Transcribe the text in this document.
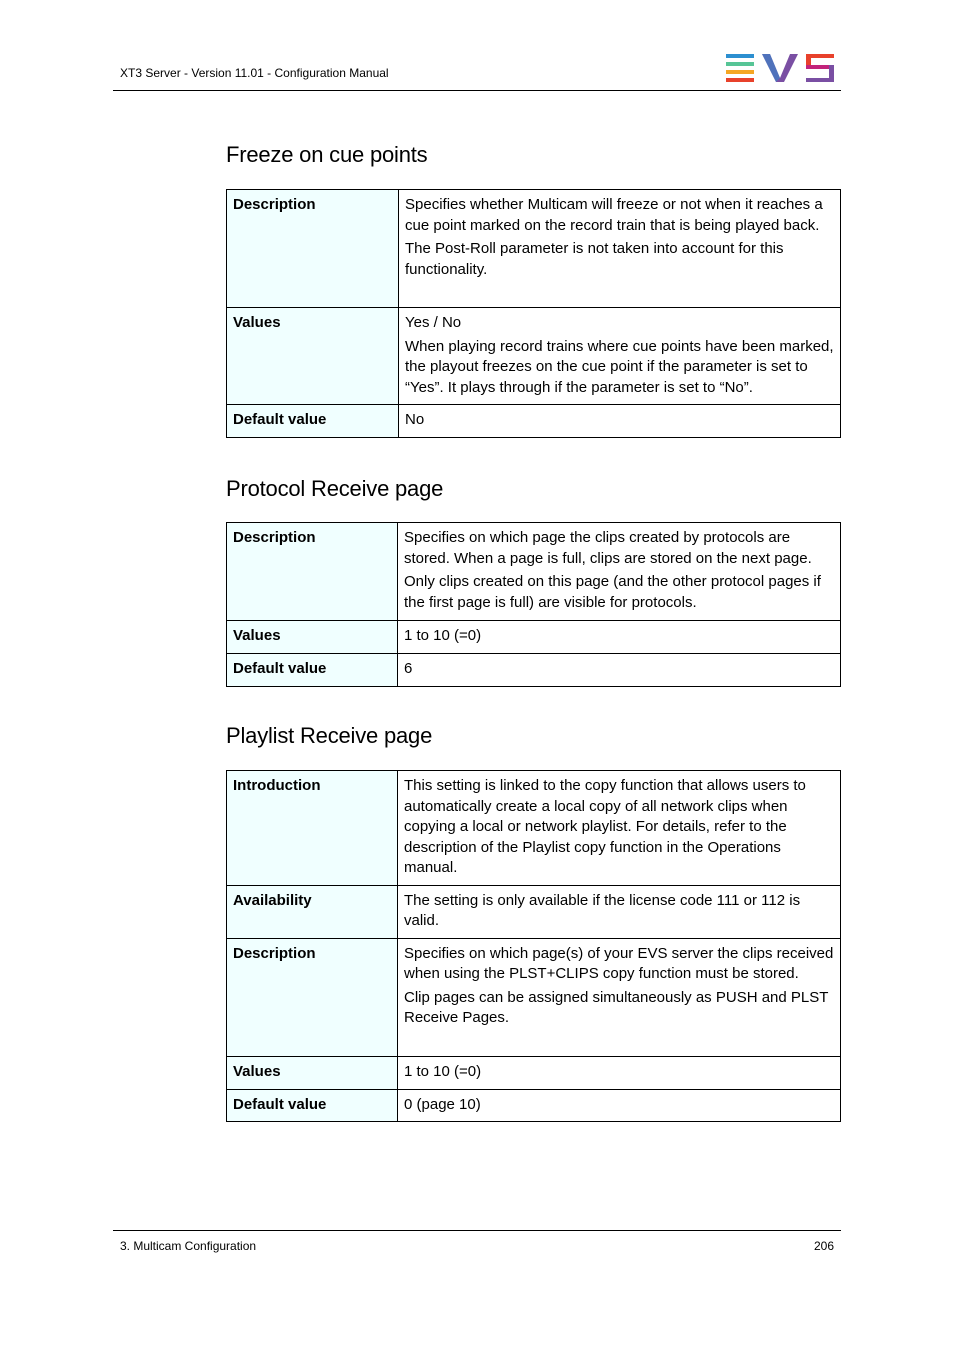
XT3 Server - Version 11.01 - Configuration Manual
Freeze on cue points
Description	Specifies whether Multicam will freeze or not when it reaches a cue point marked on the record train that is being played back.

The Post-Roll parameter is not taken into account for this functionality.

Values	Yes / No

When playing record trains where cue points have been marked, the playout freezes on the cue point if the parameter is set to “Yes”. It plays through if the parameter is set to “No”.

Default value	No

Protocol Receive page
Description	Specifies on which page the clips created by protocols are stored. When a page is full, clips are stored on the next page.

Only clips created on this page (and the other protocol pages if the first page is full) are visible for protocols.

Values	1 to 10 (=0)

Default value	6

Playlist Receive page
Introduction	This setting is linked to the copy function that allows users to automatically create a local copy of all network clips when copying a local or network playlist. For details, refer to the description of the Playlist copy function in the Operations manual.

Availability	The setting is only available if the license code 111 or 112 is valid.

Description	Specifies on which page(s) of your EVS server the clips received when using the PLST+CLIPS copy function must be stored.

Clip pages can be assigned simultaneously as PUSH and PLST Receive Pages.

Values	1 to 10 (=0)

Default value	0 (page 10)

3. Multicam Configuration	206
